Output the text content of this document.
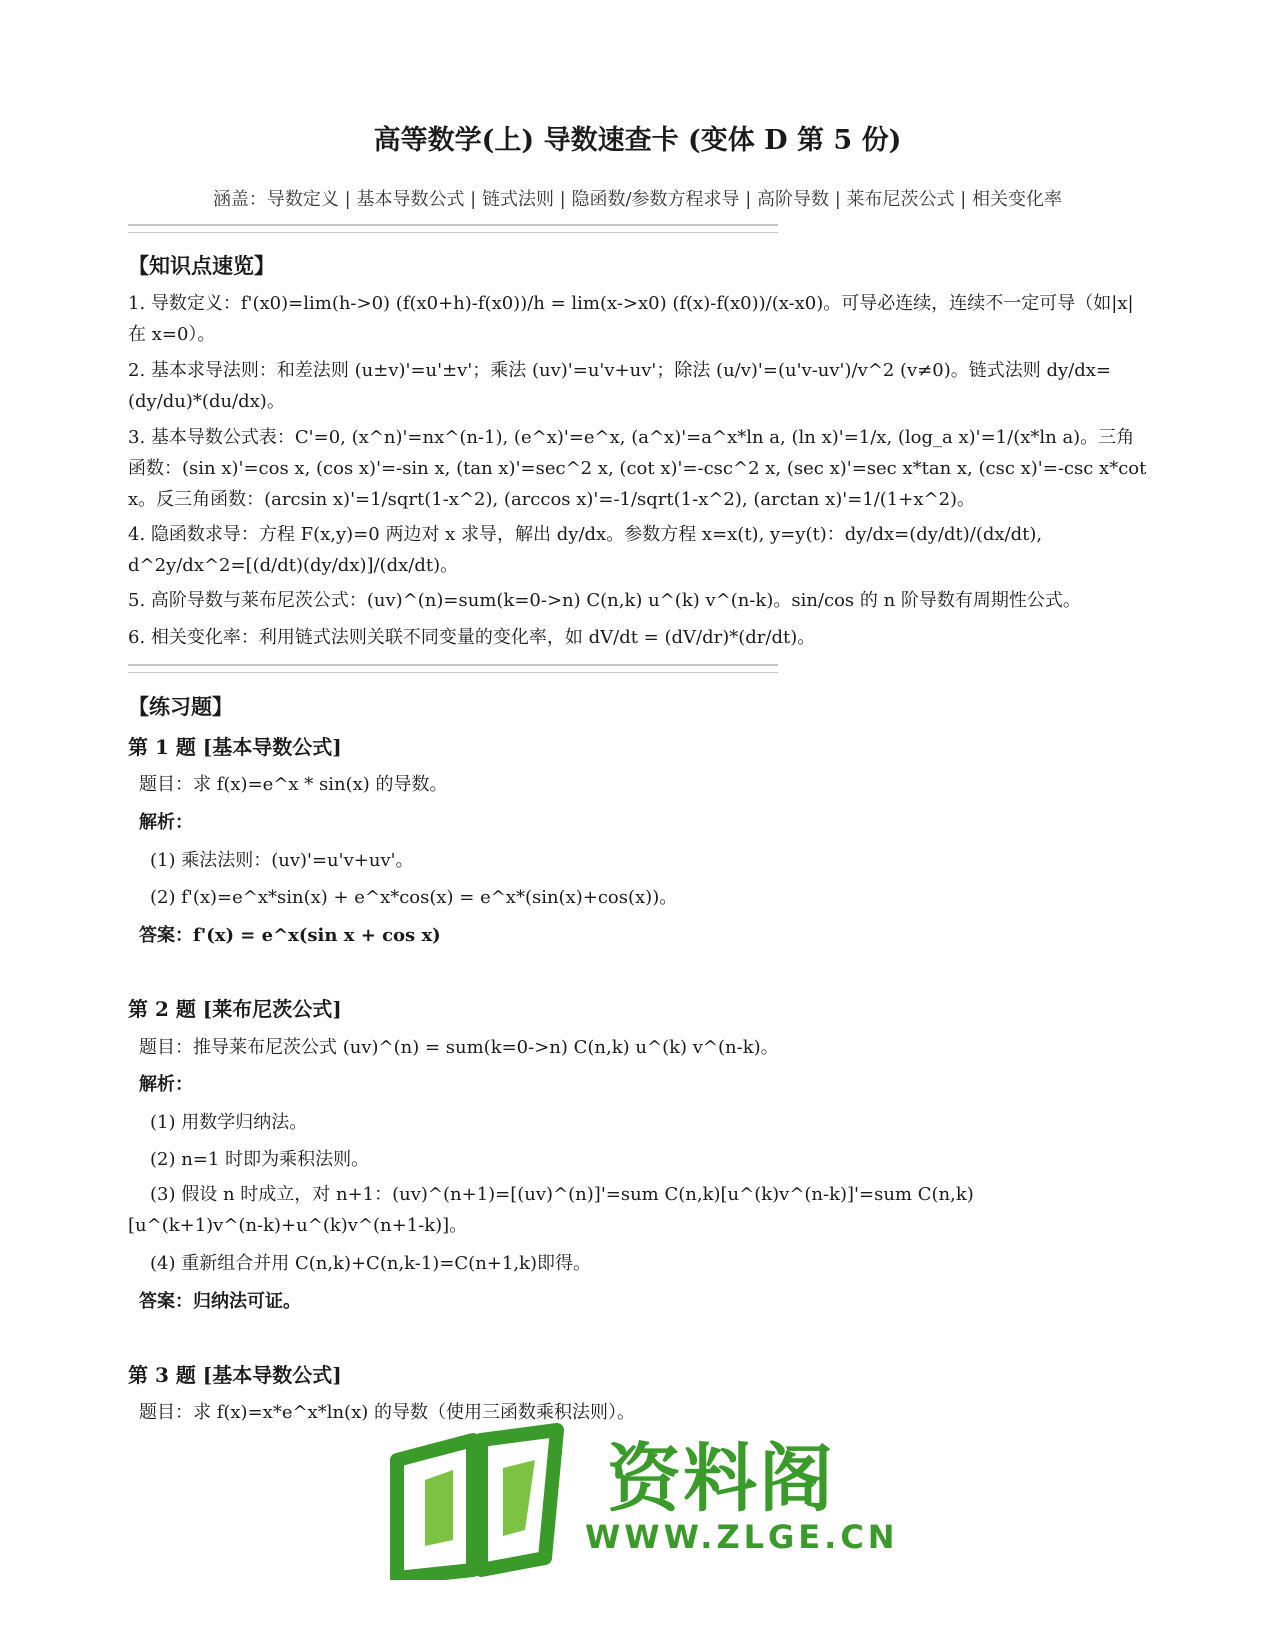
高等数学(上) 导数速查卡 (变体 D 第 5 份)
涵盖：导数定义 | 基本导数公式 | 链式法则 | 隐函数/参数方程求导 | 高阶导数 | 莱布尼茨公式 | 相关变化率
【知识点速览】
1. 导数定义：f'(x0)=lim(h->0) (f(x0+h)-f(x0))/h = lim(x->x0) (f(x)-f(x0))/(x-x0)。可导必连续，连续不一定可导（如|x|在 x=0）。
2. 基本求导法则：和差法则 (u±v)'=u'±v'；乘法 (uv)'=u'v+uv'；除法 (u/v)'=(u'v-uv')/v^2 (v≠0)。链式法则 dy/dx=(dy/du)*(du/dx)。
3. 基本导数公式表：C'=0, (x^n)'=nx^(n-1), (e^x)'=e^x, (a^x)'=a^x*ln a, (ln x)'=1/x, (log_a x)'=1/(x*ln a)。三角函数：(sin x)'=cos x, (cos x)'=-sin x, (tan x)'=sec^2 x, (cot x)'=-csc^2 x, (sec x)'=sec x*tan x, (csc x)'=-csc x*cot x。反三角函数：(arcsin x)'=1/sqrt(1-x^2), (arccos x)'=-1/sqrt(1-x^2), (arctan x)'=1/(1+x^2)。
4. 隐函数求导：方程 F(x,y)=0 两边对 x 求导，解出 dy/dx。参数方程 x=x(t), y=y(t)：dy/dx=(dy/dt)/(dx/dt), d^2y/dx^2=[(d/dt)(dy/dx)]/(dx/dt)。
5. 高阶导数与莱布尼茨公式：(uv)^(n)=sum(k=0->n) C(n,k) u^(k) v^(n-k)。sin/cos 的 n 阶导数有周期性公式。
6. 相关变化率：利用链式法则关联不同变量的变化率，如 dV/dt = (dV/dr)*(dr/dt)。
【练习题】
第 1 题 [基本导数公式]
题目：求 f(x)=e^x * sin(x) 的导数。
解析：
(1) 乘法法则：(uv)'=u'v+uv'。
(2) f'(x)=e^x*sin(x) + e^x*cos(x) = e^x*(sin(x)+cos(x))。
答案：f'(x) = e^x(sin x + cos x)
第 2 题 [莱布尼茨公式]
题目：推导莱布尼茨公式 (uv)^(n) = sum(k=0->n) C(n,k) u^(k) v^(n-k)。
解析：
(1) 用数学归纳法。
(2) n=1 时即为乘积法则。
(3) 假设 n 时成立，对 n+1：(uv)^(n+1)=[(uv)^(n)]'=sum C(n,k)[u^(k)v^(n-k)]'=sum C(n,k)[u^(k+1)v^(n-k)+u^(k)v^(n+1-k)]。
(4) 重新组合并用 C(n,k)+C(n,k-1)=C(n+1,k)即得。
答案：归纳法可证。
第 3 题 [基本导数公式]
题目：求 f(x)=x*e^x*ln(x) 的导数（使用三函数乘积法则）。
资料阁
WWW.ZLGE.CN
